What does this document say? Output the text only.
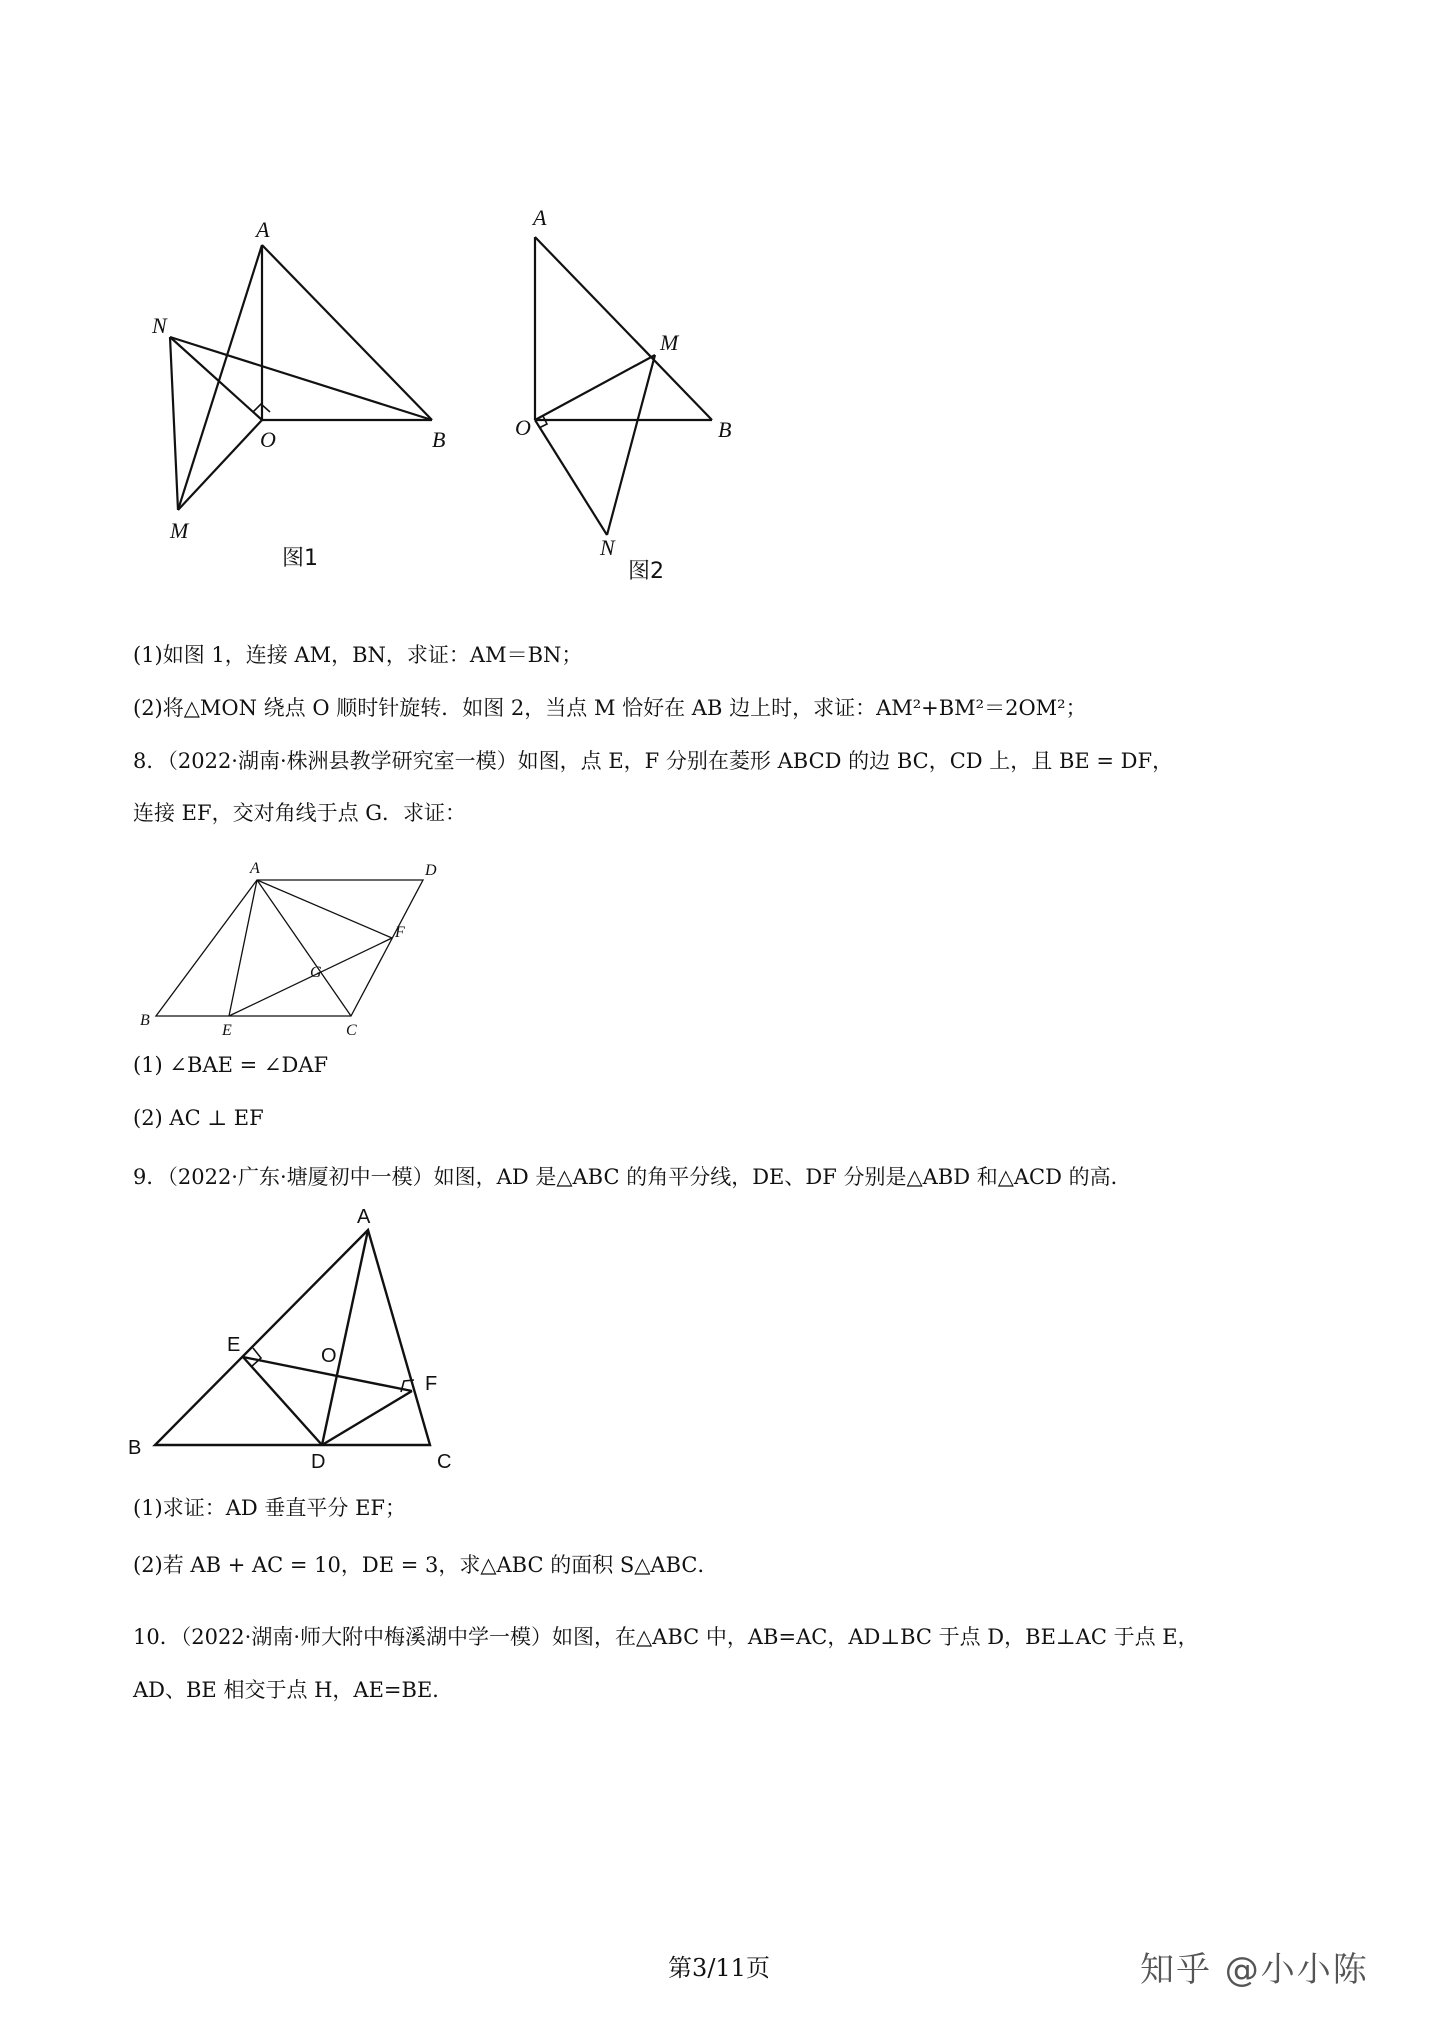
A
N
O	B
M
图1
A
M
O	B
N
图2
(1)如图 1，连接 AM，BN，求证：AM＝BN；
(2)将△MON 绕点 O 顺时针旋转．如图 2，当点 M 恰好在 AB 边上时，求证：AM²+BM²＝2OM²；
8．（2022·湖南·株洲县教学研究室一模）如图，点 E，F 分别在菱形 ABCD 的边 BC，CD 上，且 BE = DF，
连接 EF，交对角线于点 G．求证：
A	D
F
G
B
E	C
(1) ∠BAE = ∠DAF
(2) AC ⊥ EF
9．（2022·广东·塘厦初中一模）如图，AD 是△ABC 的角平分线，DE、DF 分别是△ABD 和△ACD 的高．
A
E	O
F
B
D	C
(1)求证：AD 垂直平分 EF；
(2)若 AB + AC = 10，DE = 3，求△ABC 的面积 S△ABC．
10．（2022·湖南·师大附中梅溪湖中学一模）如图，在△ABC 中，AB=AC，AD⊥BC 于点 D，BE⊥AC 于点 E，
AD、BE 相交于点 H，AE=BE．
第3/11页	知乎 @小小陈
